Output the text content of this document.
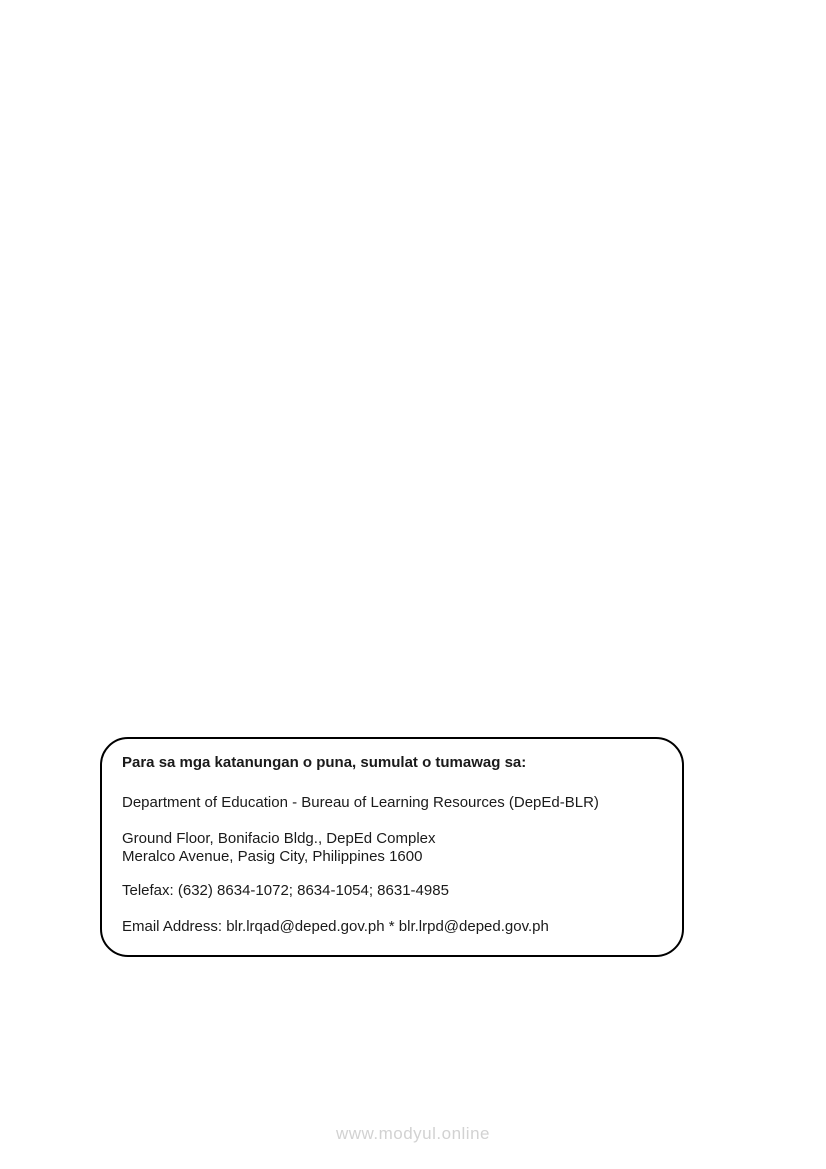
Para sa mga katanungan o puna, sumulat o tumawag sa:

Department of Education - Bureau of Learning Resources (DepEd-BLR)

Ground Floor, Bonifacio Bldg., DepEd Complex

Meralco Avenue, Pasig City, Philippines 1600

Telefax: (632) 8634-1072; 8634-1054; 8631-4985

Email Address: blr.lrqad@deped.gov.ph * blr.lrpd@deped.gov.ph

www.modyul.online
